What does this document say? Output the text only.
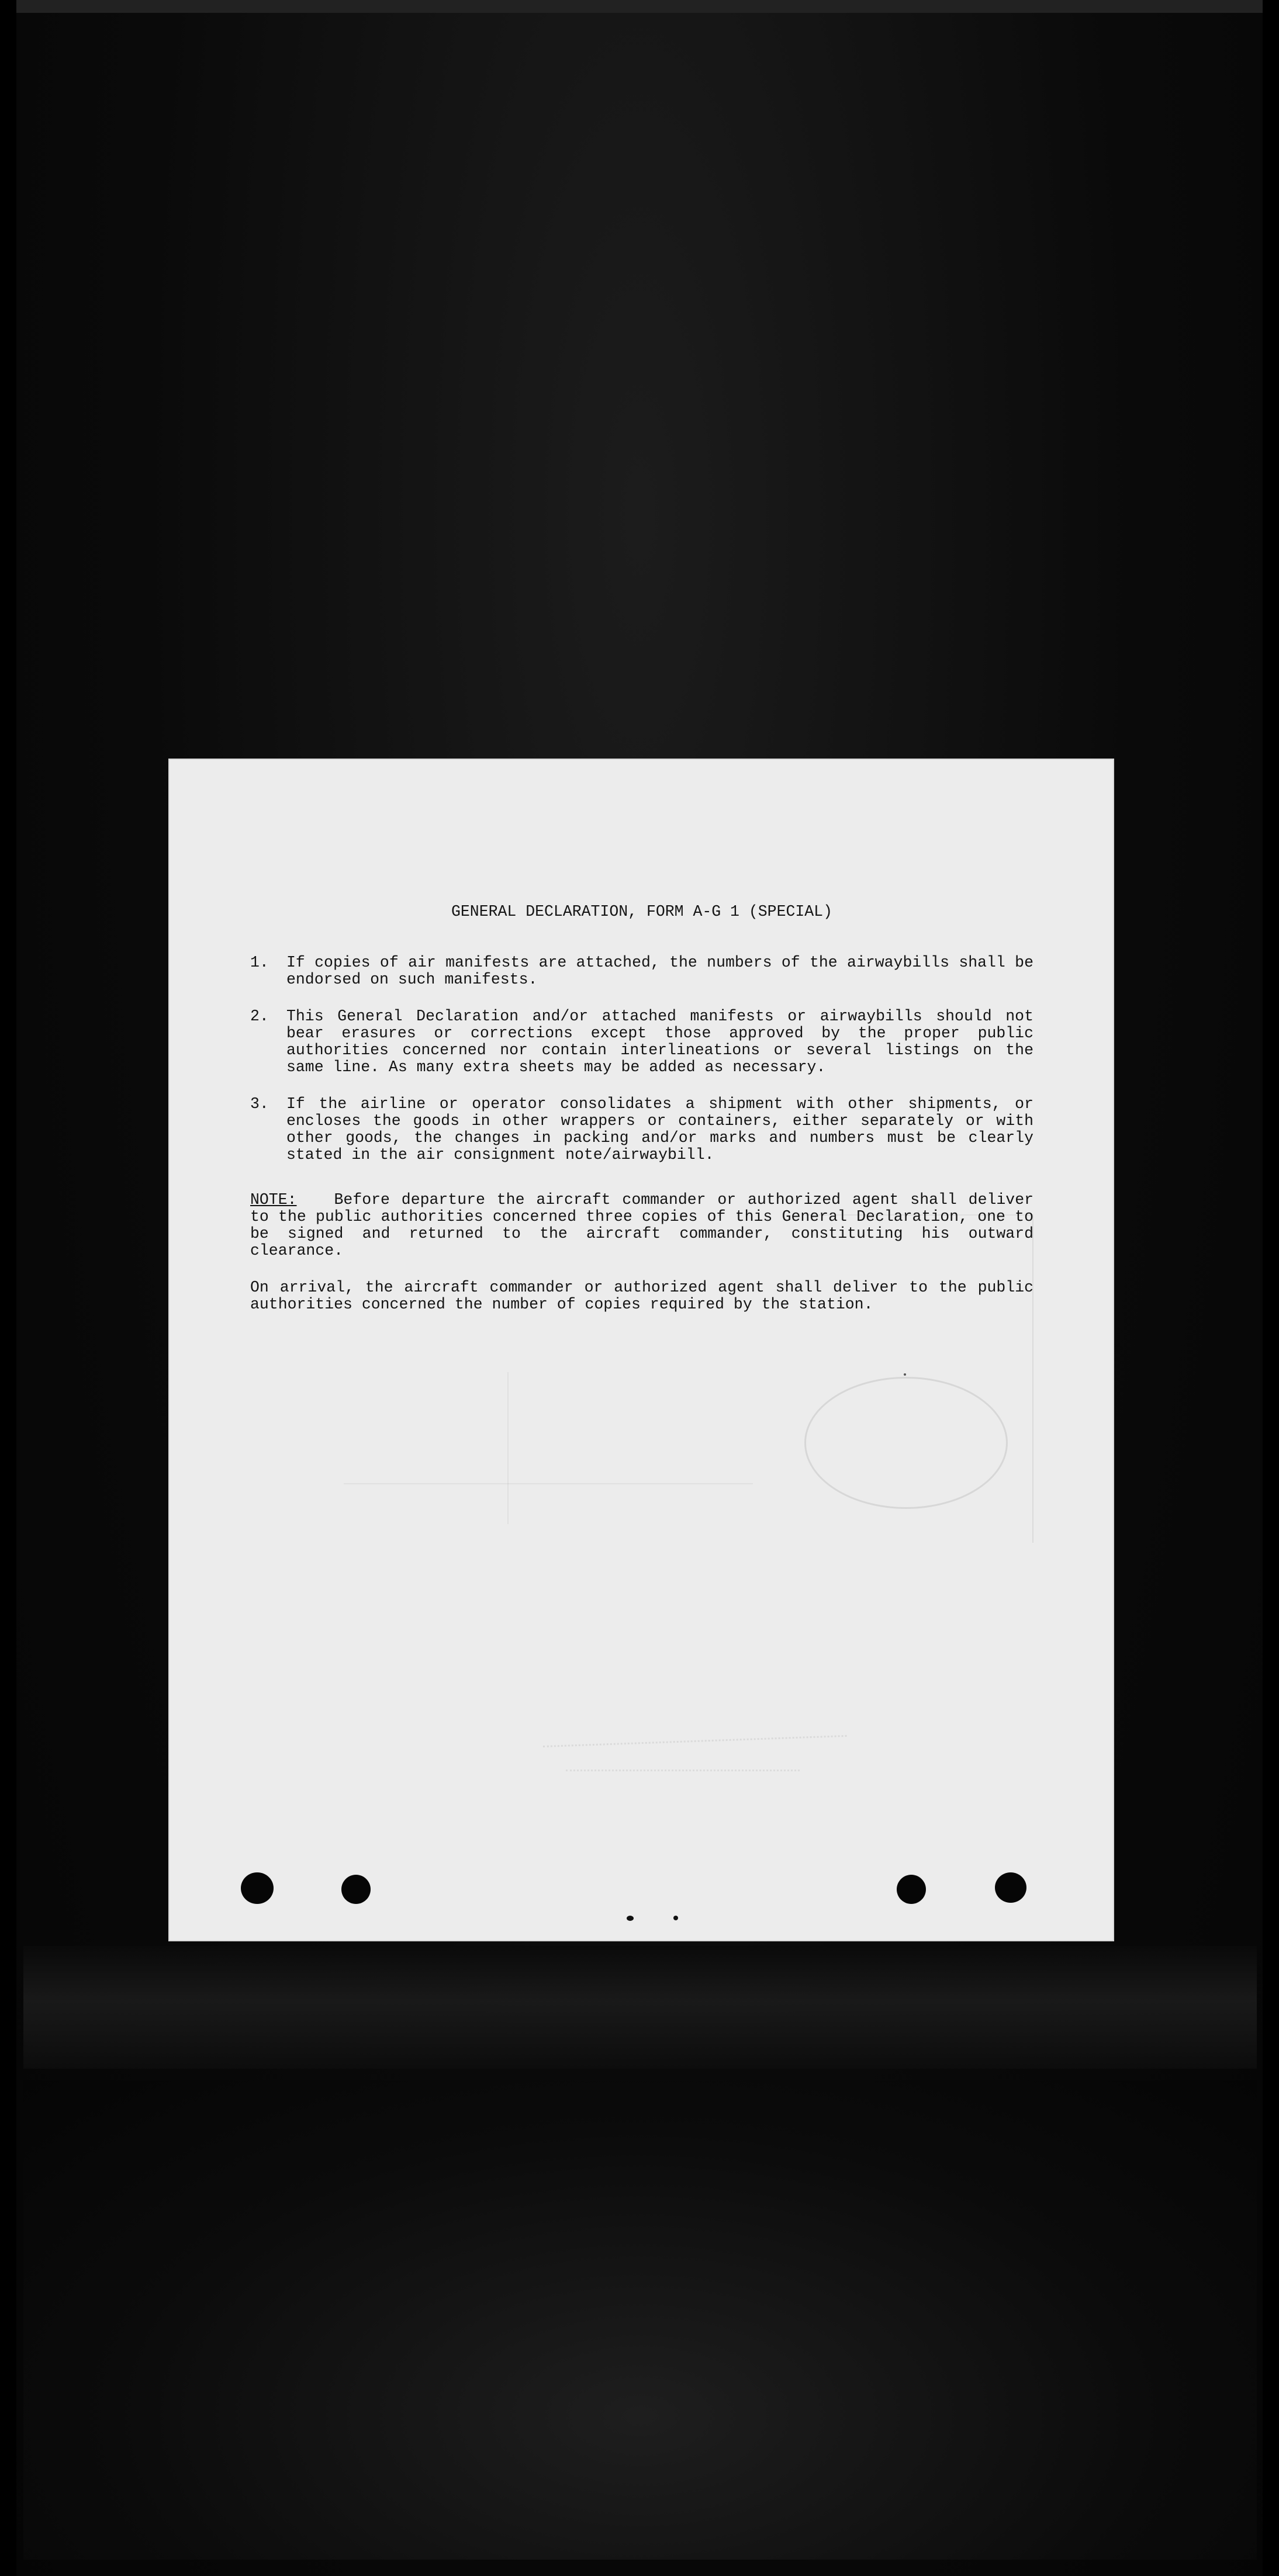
GENERAL DECLARATION, FORM A-G 1 (SPECIAL)
1. If copies of air manifests are attached, the numbers of the airwaybills shall be endorsed on such manifests.
2. This General Declaration and/or attached manifests or airwaybills should not bear erasures or corrections except those approved by the proper public authorities concerned nor contain interlineations or several listings on the same line. As many extra sheets may be added as necessary.
3. If the airline or operator consolidates a shipment with other shipments, or encloses the goods in other wrappers or containers, either separately or with other goods, the changes in packing and/or marks and numbers must be clearly stated in the air consignment note/airwaybill.

NOTE: Before departure the aircraft commander or authorized agent shall deliver to the public authorities concerned three copies of this General Declaration, one to be signed and returned to the aircraft commander, constituting his outward clearance.

On arrival, the aircraft commander or authorized agent shall deliver to the public authorities concerned the number of copies required by the station.
